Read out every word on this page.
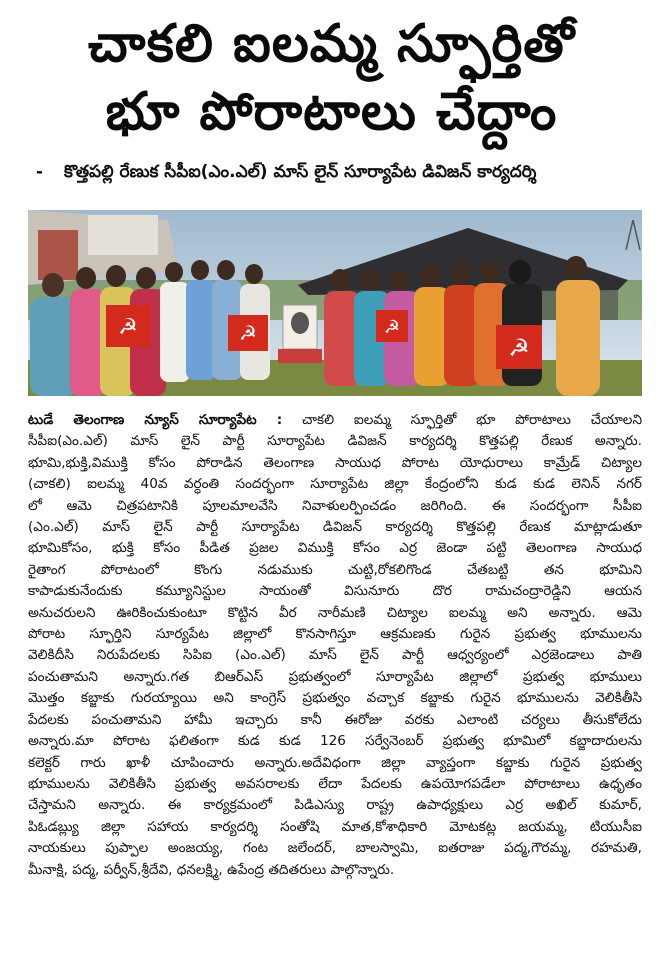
చాకలి ఐలమ్మ స్ఫూర్తితో
భూ పోరాటాలు చేద్దాం
- కొత్తపల్లి రేణుక సీపీఐ(ఎం.ఎల్) మాస్ లైన్ సూర్యాపేట డివిజన్ కార్యదర్శి
☭	☭	☭
☭
టుడే తెలంగాణ న్యూస్ సూర్యాపేట : చాకలి ఐలమ్మ స్ఫూర్తితో భూ పోరాటాలు చేయాలని
సీపీఐ(ఎం.ఎల్) మాస్ లైన్ పార్టీ సూర్యాపేట డివిజన్ కార్యదర్శి కొత్తపల్లి రేణుక అన్నారు.
భూమి,భుక్తి,విముక్తి కోసం పోరాడిన తెలంగాణ సాయుధ పోరాట యోధురాలు కామ్రేడ్ చిట్యాల
(చాకలి) ఐలమ్మ 40వ వర్ధంతి సందర్భంగా సూర్యాపేట జిల్లా కేంద్రంలోని కుడ కుడ లెనిన్ నగర్
లో ఆమె చిత్రపటానికి పూలమాలవేసి నివాళులర్పించడం జరిగింది. ఈ సందర్భంగా సీపీఐ
(ఎం.ఎల్) మాస్ లైన్ పార్టీ సూర్యాపేట డివిజన్ కార్యదర్శి కొత్తపల్లి రేణుక మాట్లాడుతూ
భూమికోసం, భుక్తి కోసం పీడిత ప్రజల విముక్తి కోసం ఎర్ర జెండా పట్టి తెలంగాణ సాయుధ
రైతాంగ పోరాటంలో కొంగు నడుముకు చుట్టి,రోకలిగొండ చేతబట్టి తన భూమిని
కాపాడుకునేందుకు కమ్యూనిస్టుల సాయంతో విసునూరు దొర రామచంద్రారెడ్డిని ఆయన
అనుచరులని ఊరికించుకుంటూ కొట్టిన వీర నారీమణి చిట్యాల ఐలమ్మ అని అన్నారు. ఆమె
పోరాట స్ఫూర్తిని సూర్యపేట జిల్లాలో కొనసాగిస్తూ ఆక్రమణకు గురైన ప్రభుత్వ భూములను
వెలికిదీసి నిరుపేదలకు సిపిఐ (ఎం.ఎల్) మాస్ లైన్ పార్టీ ఆధ్వర్యంలో ఎర్రజెండాలు పాతి
పంచుతామని అన్నారు.గత బిఆర్ఎస్ ప్రభుత్వంలో సూర్యాపేట జిల్లాలో ప్రభుత్వ భూములు
మొత్తం కబ్జాకు గురయ్యాయి అని కాంగ్రెస్ ప్రభుత్వం వచ్చాక కబ్జాకు గురైన భూములను వెలికితీసి
పేదలకు పంచుతామని హామీ ఇచ్చారు కానీ ఈరోజు వరకు ఎలాంటి చర్యలు తీసుకోలేదు
అన్నారు.మా పోరాట ఫలితంగా కుడ కుడ 126 సర్వేనెంబర్ ప్రభుత్వ భూమిలో కబ్జాదారులను
కలెక్టర్ గారు ఖాళీ చూపించారు అన్నారు.అదేవిధంగా జిల్లా వ్యాప్తంగా కబ్జాకు గురైన ప్రభుత్వ
భూములను వెలికితీసి ప్రభుత్వ అవసరాలకు లేదా పేదలకు ఉపయోగపడేలా పోరాటాలు ఉధృతం
చేస్తామని అన్నారు. ఈ కార్యక్రమంలో పిడిఎస్యు రాష్ట్ర ఉపాధ్యక్షులు ఎర్ర అఖిల్ కుమార్,
పిఓడబ్ల్యు జిల్లా సహాయ కార్యదర్శి సంతోషి మాత,కోశాధికారి మోటకట్ల జయమ్మ, టియుసీఐ
నాయకులు పుప్పాల అంజయ్య, గంట జలేందర్, బాలస్వామి, ఐతరాజు పద్మ,గౌరమ్మ, రహమతి,
మీనాక్షి, పద్మ, పర్వీన్,శ్రీదేవి, ధనలక్ష్మి, ఉపేంద్ర తదితరులు పాల్గొన్నారు.
